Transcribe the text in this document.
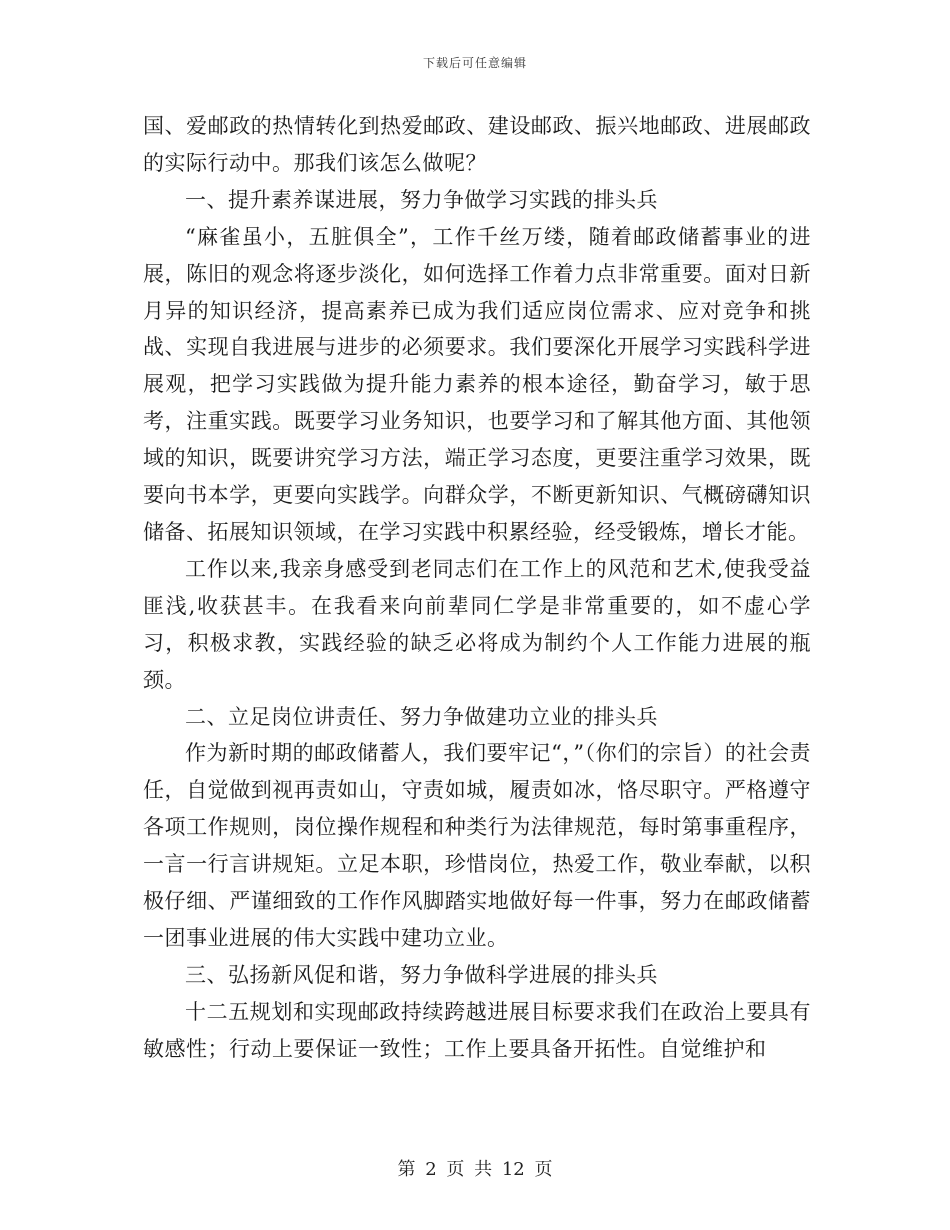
下载后可任意编辑

国、爱邮政的热情转化到热爱邮政、建设邮政、振兴地邮政、进展邮政的实际行动中。那我们该怎么做呢？

一、提升素养谋进展，努力争做学习实践的排头兵

“麻雀虽小，五脏俱全”，工作千丝万缕，随着邮政储蓄事业的进展，陈旧的观念将逐步淡化，如何选择工作着力点非常重要。面对日新月异的知识经济，提高素养已成为我们适应岗位需求、应对竞争和挑战、实现自我进展与进步的必须要求。我们要深化开展学习实践科学进展观，把学习实践做为提升能力素养的根本途径，勤奋学习，敏于思考，注重实践。既要学习业务知识，也要学习和了解其他方面、其他领域的知识，既要讲究学习方法，端正学习态度，更要注重学习效果，既要向书本学，更要向实践学。向群众学，不断更新知识、气概磅礴知识储备、拓展知识领域，在学习实践中积累经验，经受锻炼，增长才能。

工作以来,我亲身感受到老同志们在工作上的风范和艺术,使我受益匪浅,收获甚丰。在我看来向前辈同仁学是非常重要的，如不虚心学习，积极求教，实践经验的缺乏必将成为制约个人工作能力进展的瓶颈。

二、立足岗位讲责任、努力争做建功立业的排头兵

作为新时期的邮政储蓄人，我们要牢记“，”（你们的宗旨）的社会责任，自觉做到视再责如山，守责如城，履责如冰，恪尽职守。严格遵守各项工作规则，岗位操作规程和种类行为法律规范，每时第事重程序，一言一行言讲规矩。立足本职，珍惜岗位，热爱工作，敬业奉献，以积极仔细、严谨细致的工作作风脚踏实地做好每一件事，努力在邮政储蓄一团事业进展的伟大实践中建功立业。

三、弘扬新风促和谐，努力争做科学进展的排头兵

十二五规划和实现邮政持续跨越进展目标要求我们在政治上要具有敏感性；行动上要保证一致性；工作上要具备开拓性。自觉维护和

第 2 页 共 12 页
